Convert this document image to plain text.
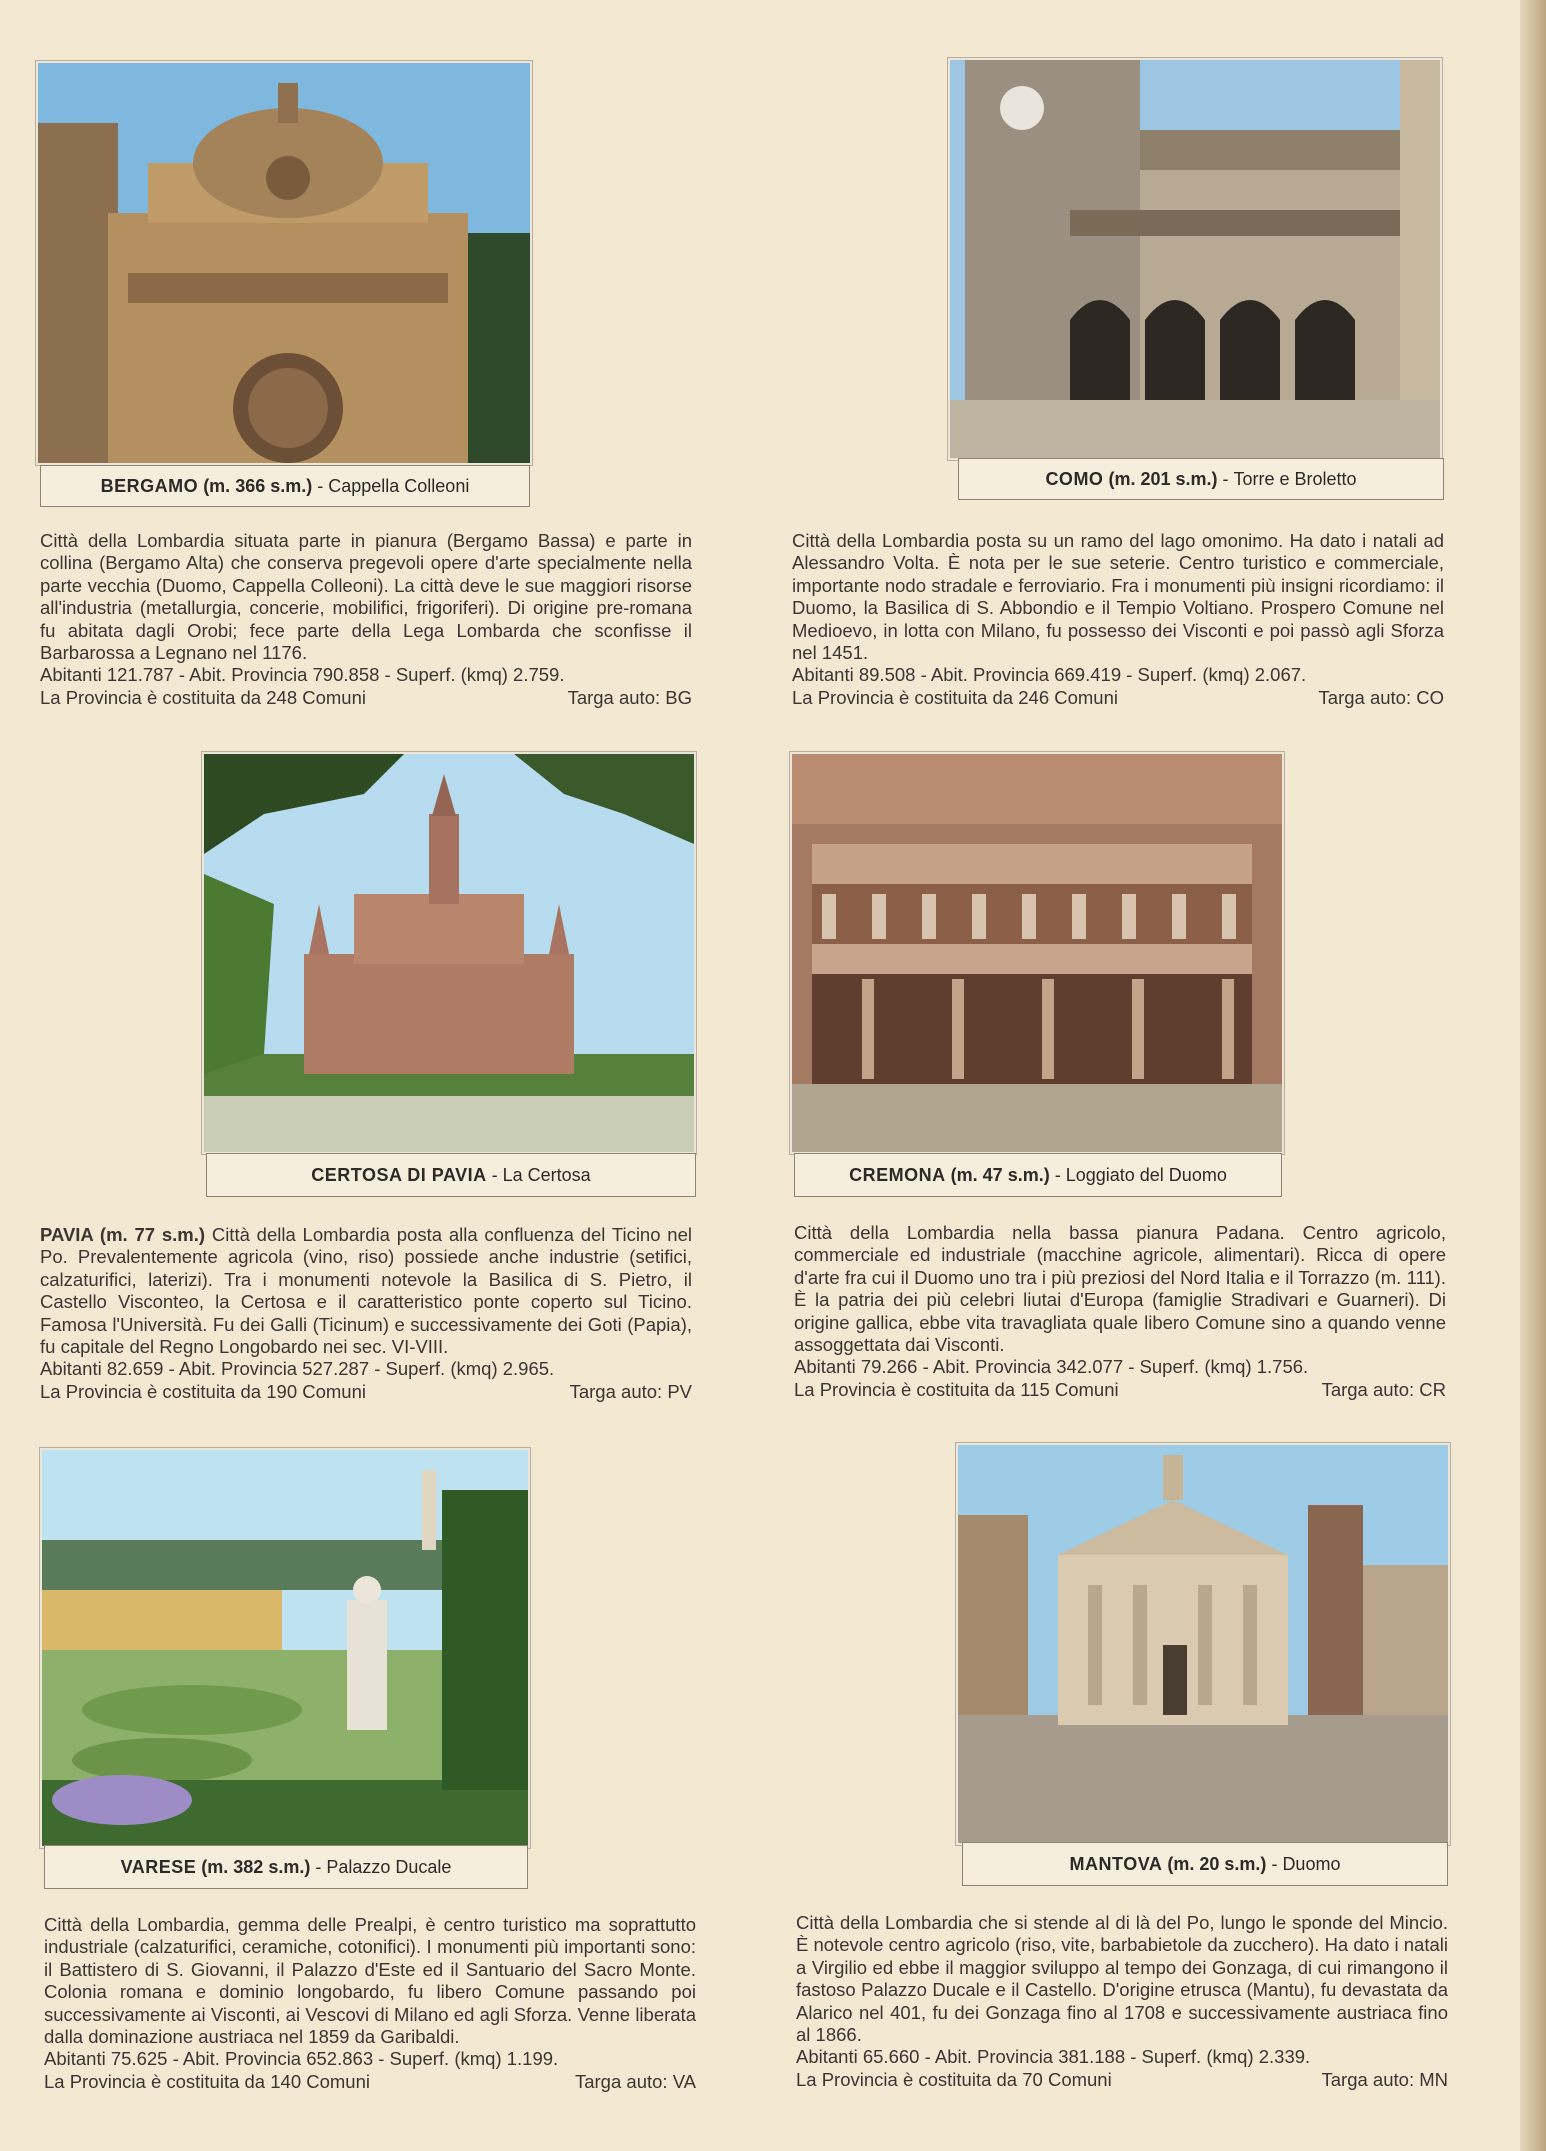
BERGAMO
(m. 366 s.m.) - Cappella Colleoni

Città della Lombardia situata parte in pianura (Bergamo Bassa) e parte in collina (Bergamo Alta) che conserva pregevoli opere d'arte specialmente nella parte vecchia (Duomo, Cappella Colleoni). La città deve le sue maggiori risorse all'industria (metallurgia, concerie, mobilifici, frigoriferi). Di origine pre-romana fu abitata dagli Orobi; fece parte della Lega Lombarda che sconfisse il Barbarossa a Legnano nel 1176.

Abitanti 121.787 - Abit. Provincia 790.858 - Superf. (kmq) 2.759.

La Provincia è costituita da 248 Comuni	Targa auto: BG
COMO
(m. 201 s.m.) - Torre e Broletto

Città della Lombardia posta su un ramo del lago omonimo. Ha dato i natali ad Alessandro Volta. È nota per le sue seterie. Centro turistico e commerciale, importante nodo stradale e ferroviario. Fra i monumenti più insigni ricordiamo: il Duomo, la Basilica di S. Abbondio e il Tempio Voltiano. Prospero Comune nel Medioevo, in lotta con Milano, fu possesso dei Visconti e poi passò agli Sforza nel 1451.

Abitanti 89.508 - Abit. Provincia 669.419 - Superf. (kmq) 2.067.

La Provincia è costituita da 246 Comuni	Targa auto: CO
CERTOSA DI PAVIA - La Certosa

PAVIA (m. 77 s.m.) Città della Lombardia posta alla confluenza del Ticino nel Po. Prevalentemente agricola (vino, riso) possiede anche industrie (setifici, calzaturifici, laterizi). Tra i monumenti notevole la Basilica di S. Pietro, il Castello Visconteo, la Certosa e il caratteristico ponte coperto sul Ticino. Famosa l'Università. Fu dei Galli (Ticinum) e successivamente dei Goti (Papia), fu capitale del Regno Longobardo nei sec. VI-VIII.

Abitanti 82.659 - Abit. Provincia 527.287 - Superf. (kmq) 2.965.

La Provincia è costituita da 190 Comuni	Targa auto: PV
CREMONA
(m. 47 s.m.) - Loggiato del Duomo

Città della Lombardia nella bassa pianura Padana. Centro agricolo, commerciale ed industriale (macchine agricole, alimentari). Ricca di opere d'arte fra cui il Duomo uno tra i più preziosi del Nord Italia e il Torrazzo (m. 111). È la patria dei più celebri liutai d'Europa (famiglie Stradivari e Guarneri). Di origine gallica, ebbe vita travagliata quale libero Comune sino a quando venne assoggettata dai Visconti.

Abitanti 79.266 - Abit. Provincia 342.077 - Superf. (kmq) 1.756.

La Provincia è costituita da 115 Comuni	Targa auto: CR
VARESE
(m. 382 s.m.) - Palazzo Ducale

Città della Lombardia, gemma delle Prealpi, è centro turistico ma soprattutto industriale (calzaturifici, ceramiche, cotonifici). I monumenti più importanti sono: il Battistero di S. Giovanni, il Palazzo d'Este ed il Santuario del Sacro Monte. Colonia romana e dominio longobardo, fu libero Comune passando poi successivamente ai Visconti, ai Vescovi di Milano ed agli Sforza. Venne liberata dalla dominazione austriaca nel 1859 da Garibaldi.

Abitanti 75.625 - Abit. Provincia 652.863 - Superf. (kmq) 1.199.

La Provincia è costituita da 140 Comuni	Targa auto: VA
MANTOVA
(m. 20 s.m.) - Duomo

Città della Lombardia che si stende al di là del Po, lungo le sponde del Mincio. È notevole centro agricolo (riso, vite, barbabietole da zucchero). Ha dato i natali a Virgilio ed ebbe il maggior sviluppo al tempo dei Gonzaga, di cui rimangono il fastoso Palazzo Ducale e il Castello. D'origine etrusca (Mantu), fu devastata da Alarico nel 401, fu dei Gonzaga fino al 1708 e successivamente austriaca fino al 1866.

Abitanti 65.660 - Abit. Provincia 381.188 - Superf. (kmq) 2.339.

La Provincia è costituita da 70 Comuni	Targa auto: MN
